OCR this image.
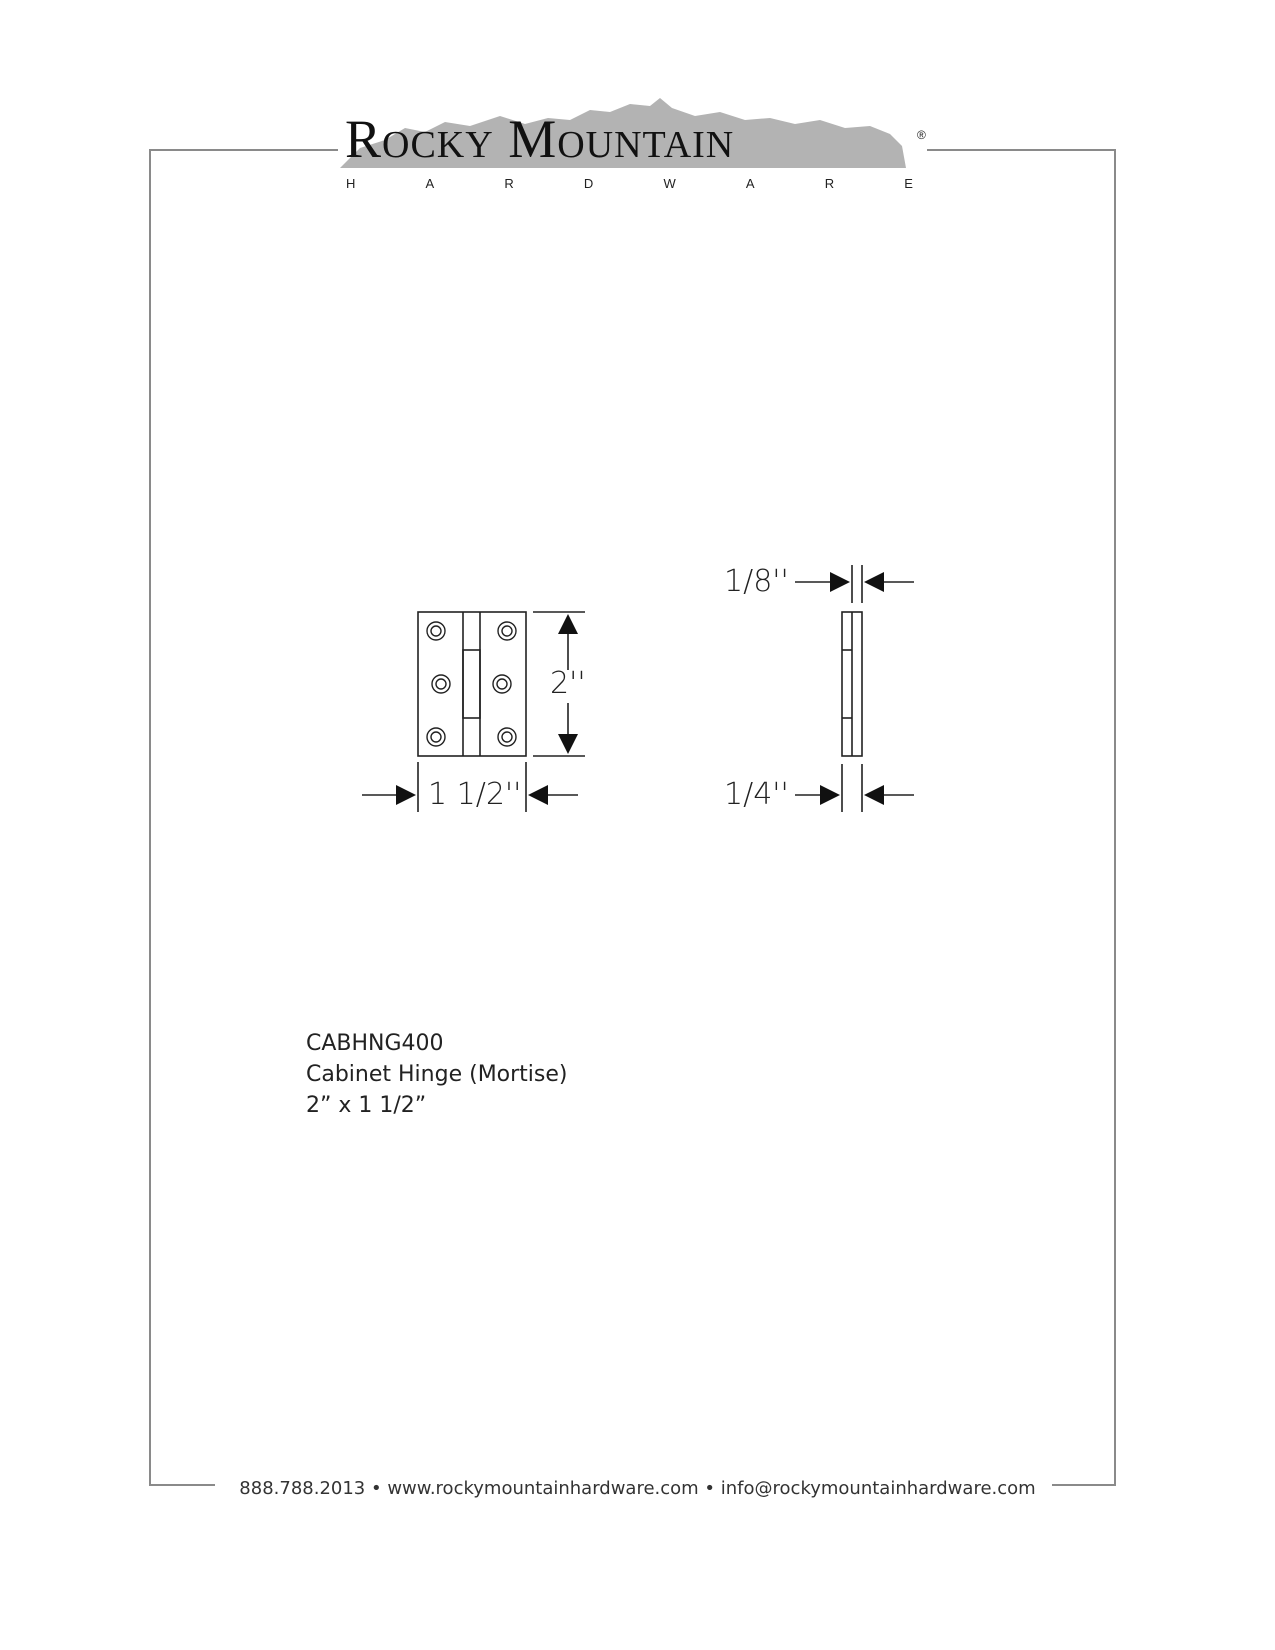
Rocky Mountain	®
H	A	R	D	W	A	R	E
2''
1 1/2''
1/8''
1/4''
CABHNG400
Cabinet Hinge (Mortise)
2” x 1 1/2”
888.788.2013 • www.rockymountainhardware.com • info@rockymountainhardware.com
